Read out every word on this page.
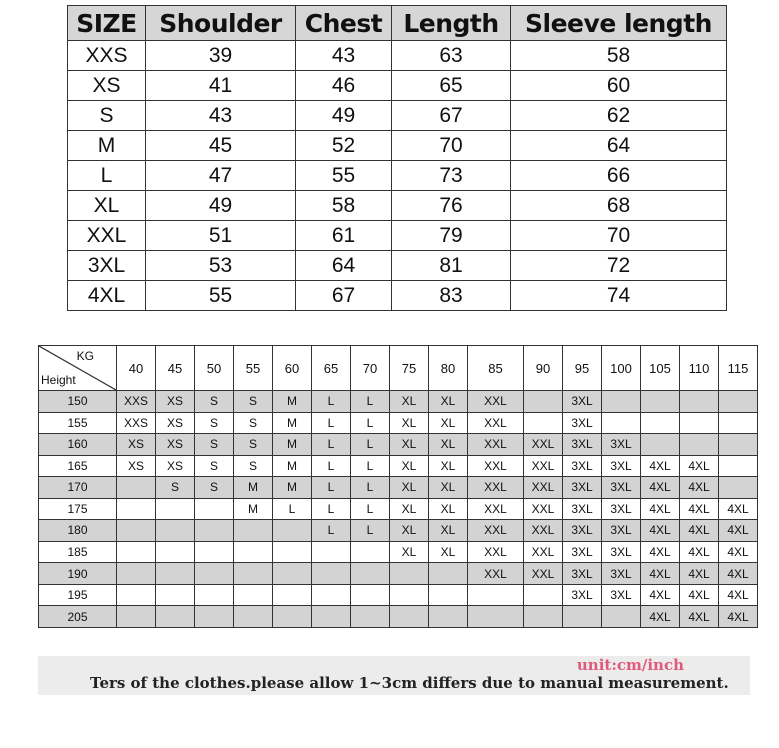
SIZE	Shoulder	Chest	Length	Sleeve length
XXS	39	43	63	58
XS	41	46	65	60
S	43	49	67	62
M	45	52	70	64
L	47	55	73	66
XL	49	58	76	68
XXL	51	61	79	70
3XL	53	64	81	72
4XL	55	67	83	74
KG
Height	40	45	50	55	60	65	70	75	80	85	90	95	100	105	110	115
150	XXS	XS	S	S	M	L	L	XL	XL	XXL		3XL				
155	XXS	XS	S	S	M	L	L	XL	XL	XXL		3XL				
160	XS	XS	S	S	M	L	L	XL	XL	XXL	XXL	3XL	3XL			
165	XS	XS	S	S	M	L	L	XL	XL	XXL	XXL	3XL	3XL	4XL	4XL	
170		S	S	M	M	L	L	XL	XL	XXL	XXL	3XL	3XL	4XL	4XL	
175				M	L	L	L	XL	XL	XXL	XXL	3XL	3XL	4XL	4XL	4XL
180						L	L	XL	XL	XXL	XXL	3XL	3XL	4XL	4XL	4XL
185								XL	XL	XXL	XXL	3XL	3XL	4XL	4XL	4XL
190										XXL	XXL	3XL	3XL	4XL	4XL	4XL
195												3XL	3XL	4XL	4XL	4XL
205														4XL	4XL	4XL
unit:cm/inch
Ters of the clothes.please allow 1~3cm differs due to manual measurement.
